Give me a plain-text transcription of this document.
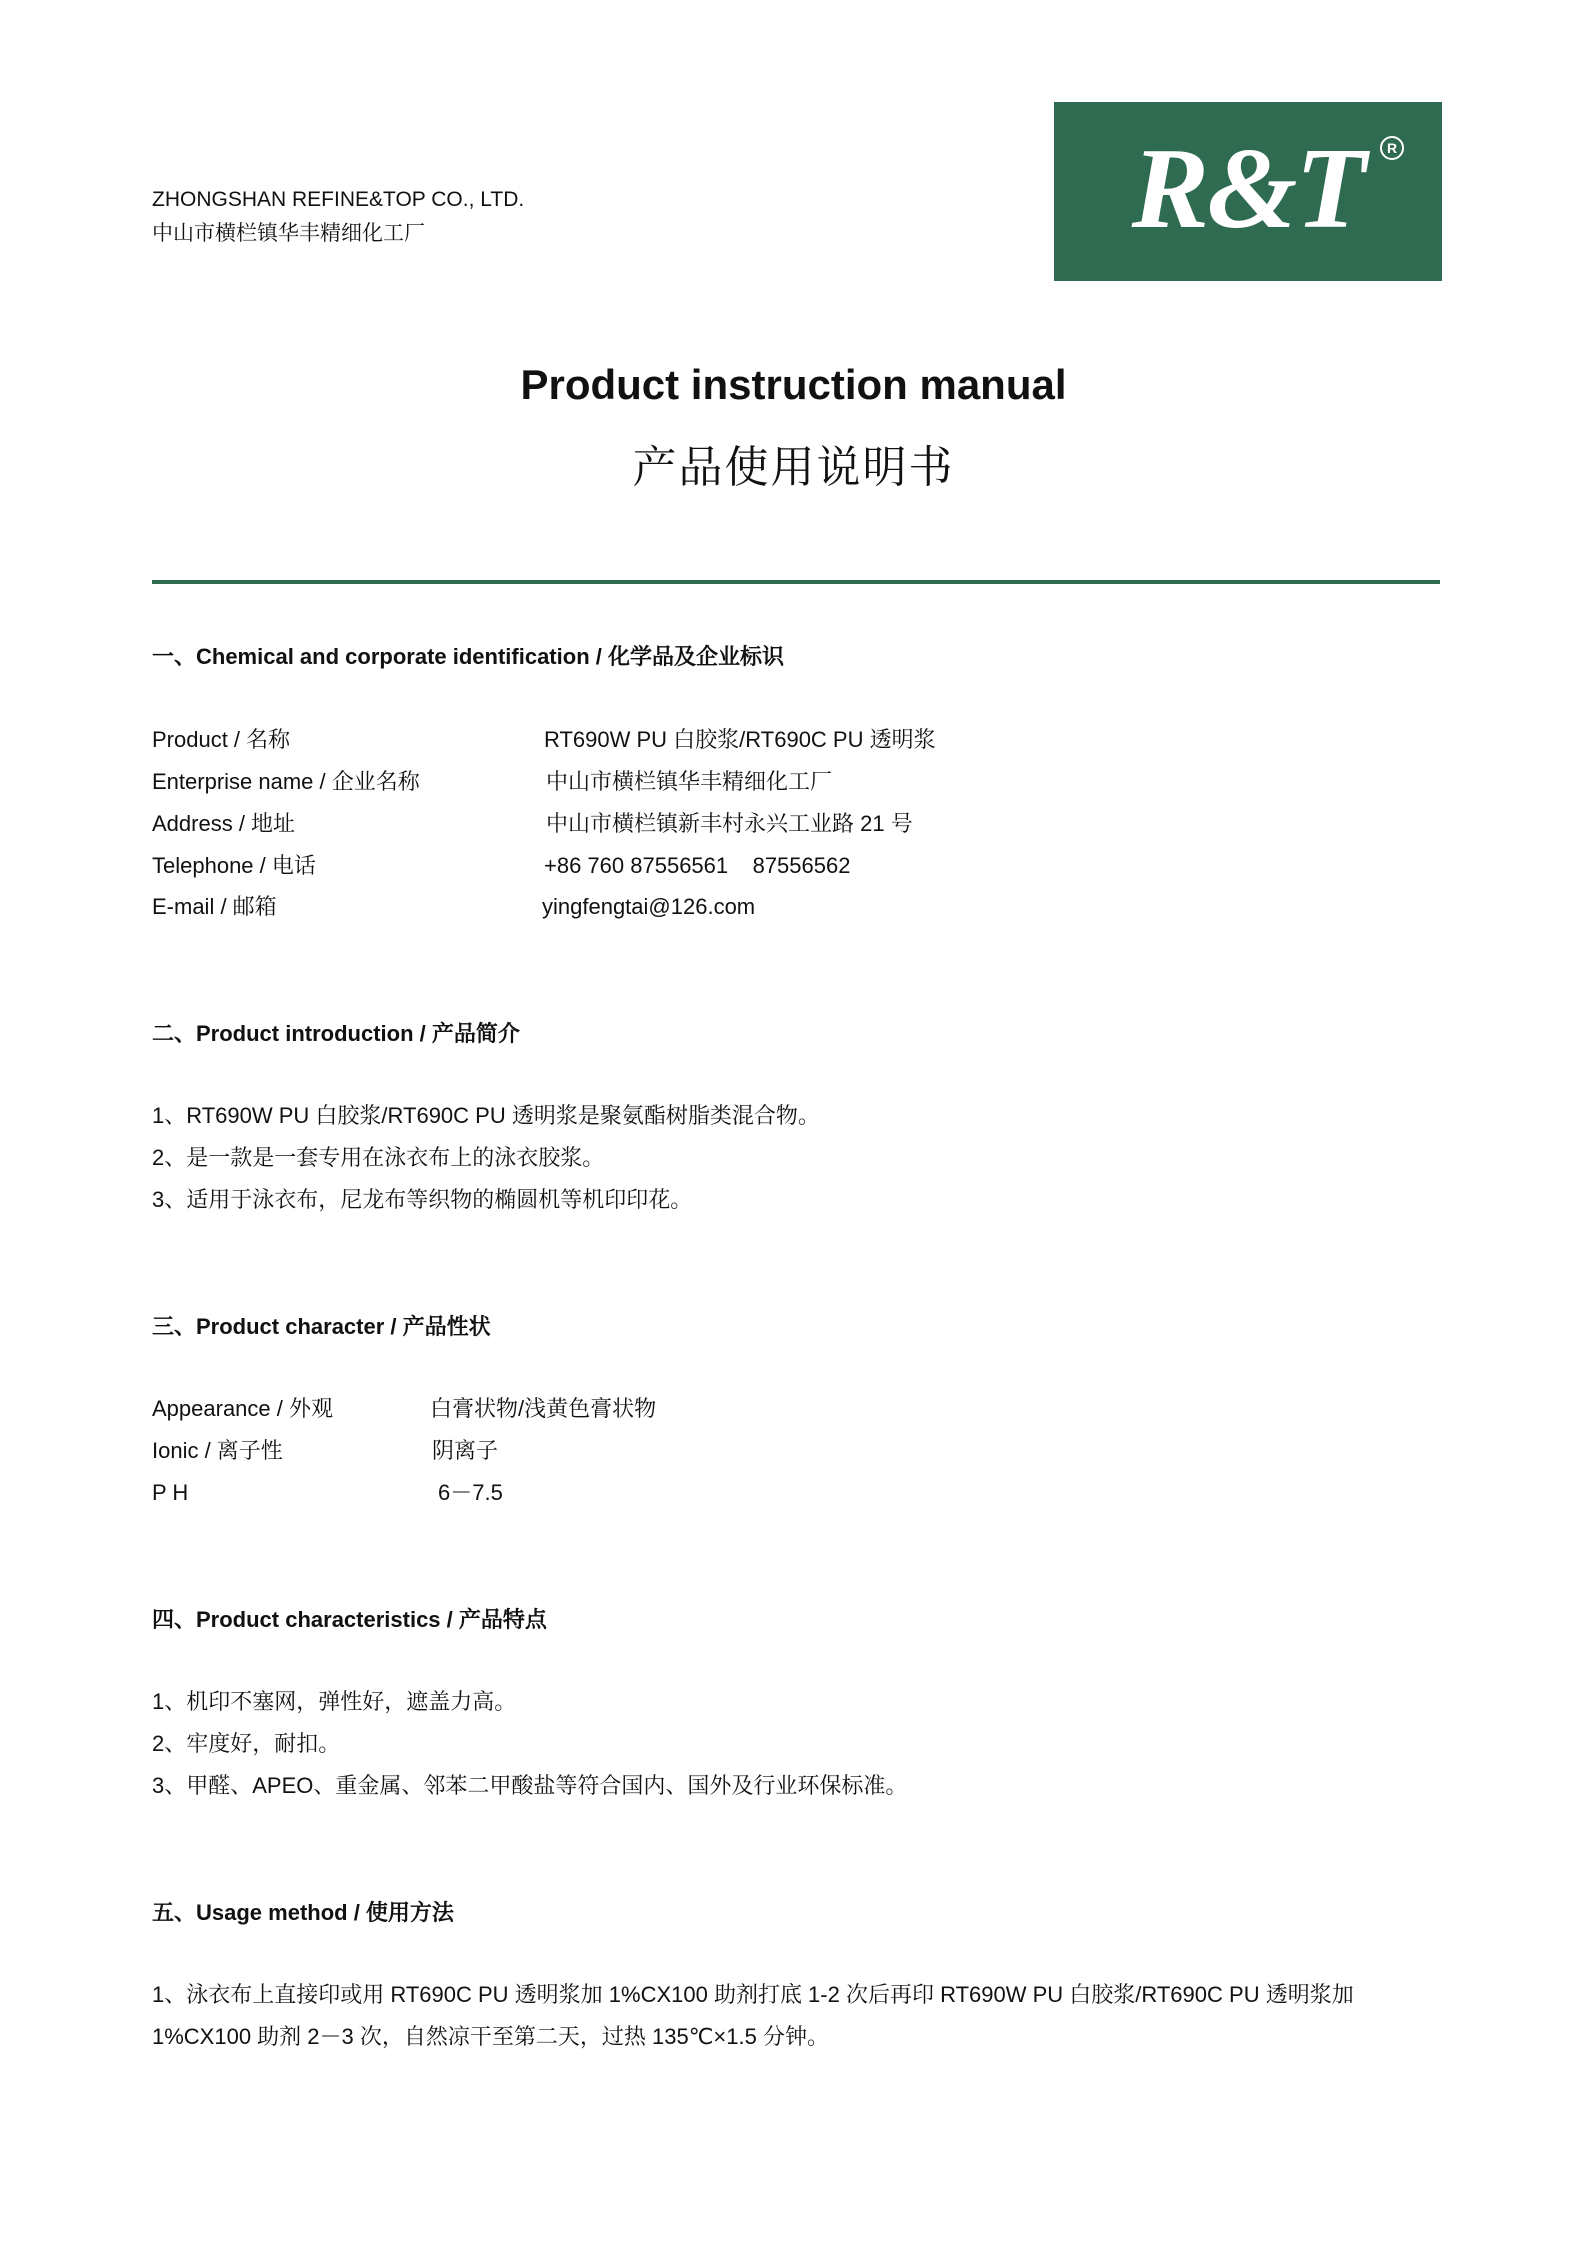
ZHONGSHAN REFINE&TOP CO., LTD.
中山市横栏镇华丰精细化工厂	R&T	R
Product instruction manual
产品使用说明书
一、Chemical and corporate identification / 化学品及企业标识
Product / 名称	RT690W PU 白胶浆/RT690C PU 透明浆
Enterprise name / 企业名称	中山市横栏镇华丰精细化工厂
Address / 地址	中山市横栏镇新丰村永兴工业路 21 号
Telephone / 电话	+86 760 87556561    87556562
E-mail / 邮箱	yingfengtai@126.com
二、Product introduction / 产品简介
1、RT690W PU 白胶浆/RT690C PU 透明浆是聚氨酯树脂类混合物。
2、是一款是一套专用在泳衣布上的泳衣胶浆。
3、适用于泳衣布，尼龙布等织物的椭圆机等机印印花。
三、Product character / 产品性状
Appearance / 外观	白膏状物/浅黄色膏状物
Ionic / 离子性	阴离子
P H	6－7.5
四、Product characteristics / 产品特点
1、机印不塞网，弹性好，遮盖力高。
2、牢度好，耐扣。
3、甲醛、APEO、重金属、邻苯二甲酸盐等符合国内、国外及行业环保标准。
五、Usage method / 使用方法
1、泳衣布上直接印或用 RT690C PU 透明浆加 1%CX100 助剂打底 1-2 次后再印 RT690W PU 白胶浆/RT690C PU 透明浆加 1%CX100 助剂 2－3 次，自然凉干至第二天，过热 135℃×1.5 分钟。
